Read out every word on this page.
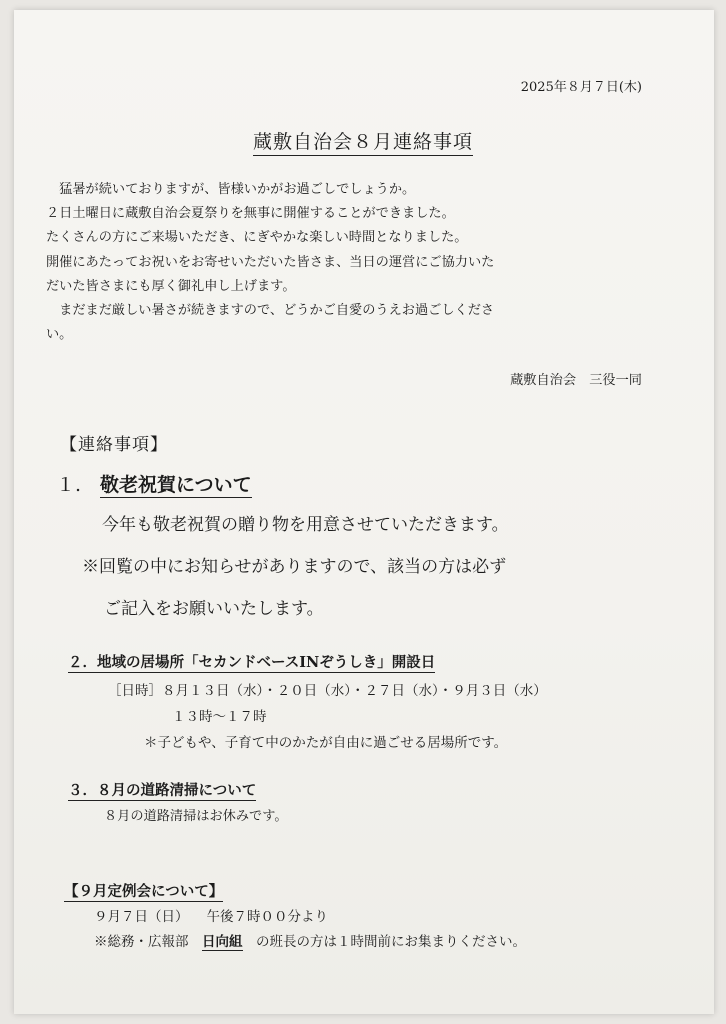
2025年８月７日(木)
蔵敷自治会８月連絡事項
　猛暑が続いておりますが、皆様いかがお過ごしでしょうか。
２日土曜日に蔵敷自治会夏祭りを無事に開催することができました。
たくさんの方にご来場いただき、にぎやかな楽しい時間となりました。
開催にあたってお祝いをお寄せいただいた皆さま、当日の運営にご協力いた
だいた皆さまにも厚く御礼申し上げます。
　まだまだ厳しい暑さが続きますので、どうかご自愛のうえお過ごしくださ
い。
蔵敷自治会　三役一同
【連絡事項】
１. 敬老祝賀について
今年も敬老祝賀の贈り物を用意させていただきます。
※回覧の中にお知らせがありますので、該当の方は必ず
ご記入をお願いいたします。
２．地域の居場所「セカンドベースINぞうしき」開設日
［日時］８月１３日（水）・２０日（水）・２７日（水）・９月３日（水）
１３時～１７時
＊子どもや、子育て中のかたが自由に過ごせる居場所です。
３．８月の道路清掃について
８月の道路清掃はお休みです。
【９月定例会について】
９月７日（日） 午後７時００分より
※総務・広報部　日向組　の班長の方は１時間前にお集まりください。
